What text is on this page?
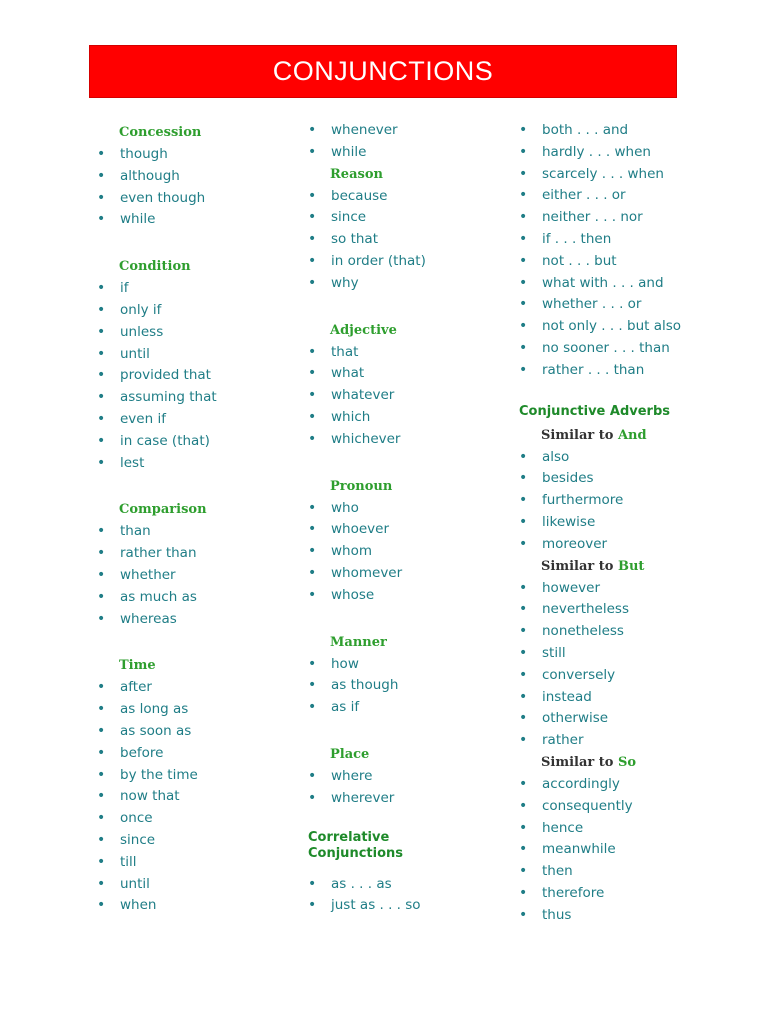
CONJUNCTIONS
Concession
• though
• although
• even though
• while
Condition
• if
• only if
• unless
• until
• provided that
• assuming that
• even if
• in case (that)
• lest
Comparison
• than
• rather than
• whether
• as much as
• whereas
Time
• after
• as long as
• as soon as
• before
• by the time
• now that
• once
• since
• till
• until
• when
• whenever
• while
Reason
• because
• since
• so that
• in order (that)
• why
Adjective
• that
• what
• whatever
• which
• whichever
Pronoun
• who
• whoever
• whom
• whomever
• whose
Manner
• how
• as though
• as if
Place
• where
• wherever
Correlative
Conjunctions
• as . . . as
• just as . . . so
• both . . . and
• hardly . . . when
• scarcely . . . when
• either . . . or
• neither . . . nor
• if . . . then
• not . . . but
• what with . . . and
• whether . . . or
• not only . . . but also
• no sooner . . . than
• rather . . . than
Conjunctive Adverbs
Similar to And
• also
• besides
• furthermore
• likewise
• moreover
Similar to But
• however
• nevertheless
• nonetheless
• still
• conversely
• instead
• otherwise
• rather
Similar to So
• accordingly
• consequently
• hence
• meanwhile
• then
• therefore
• thus
